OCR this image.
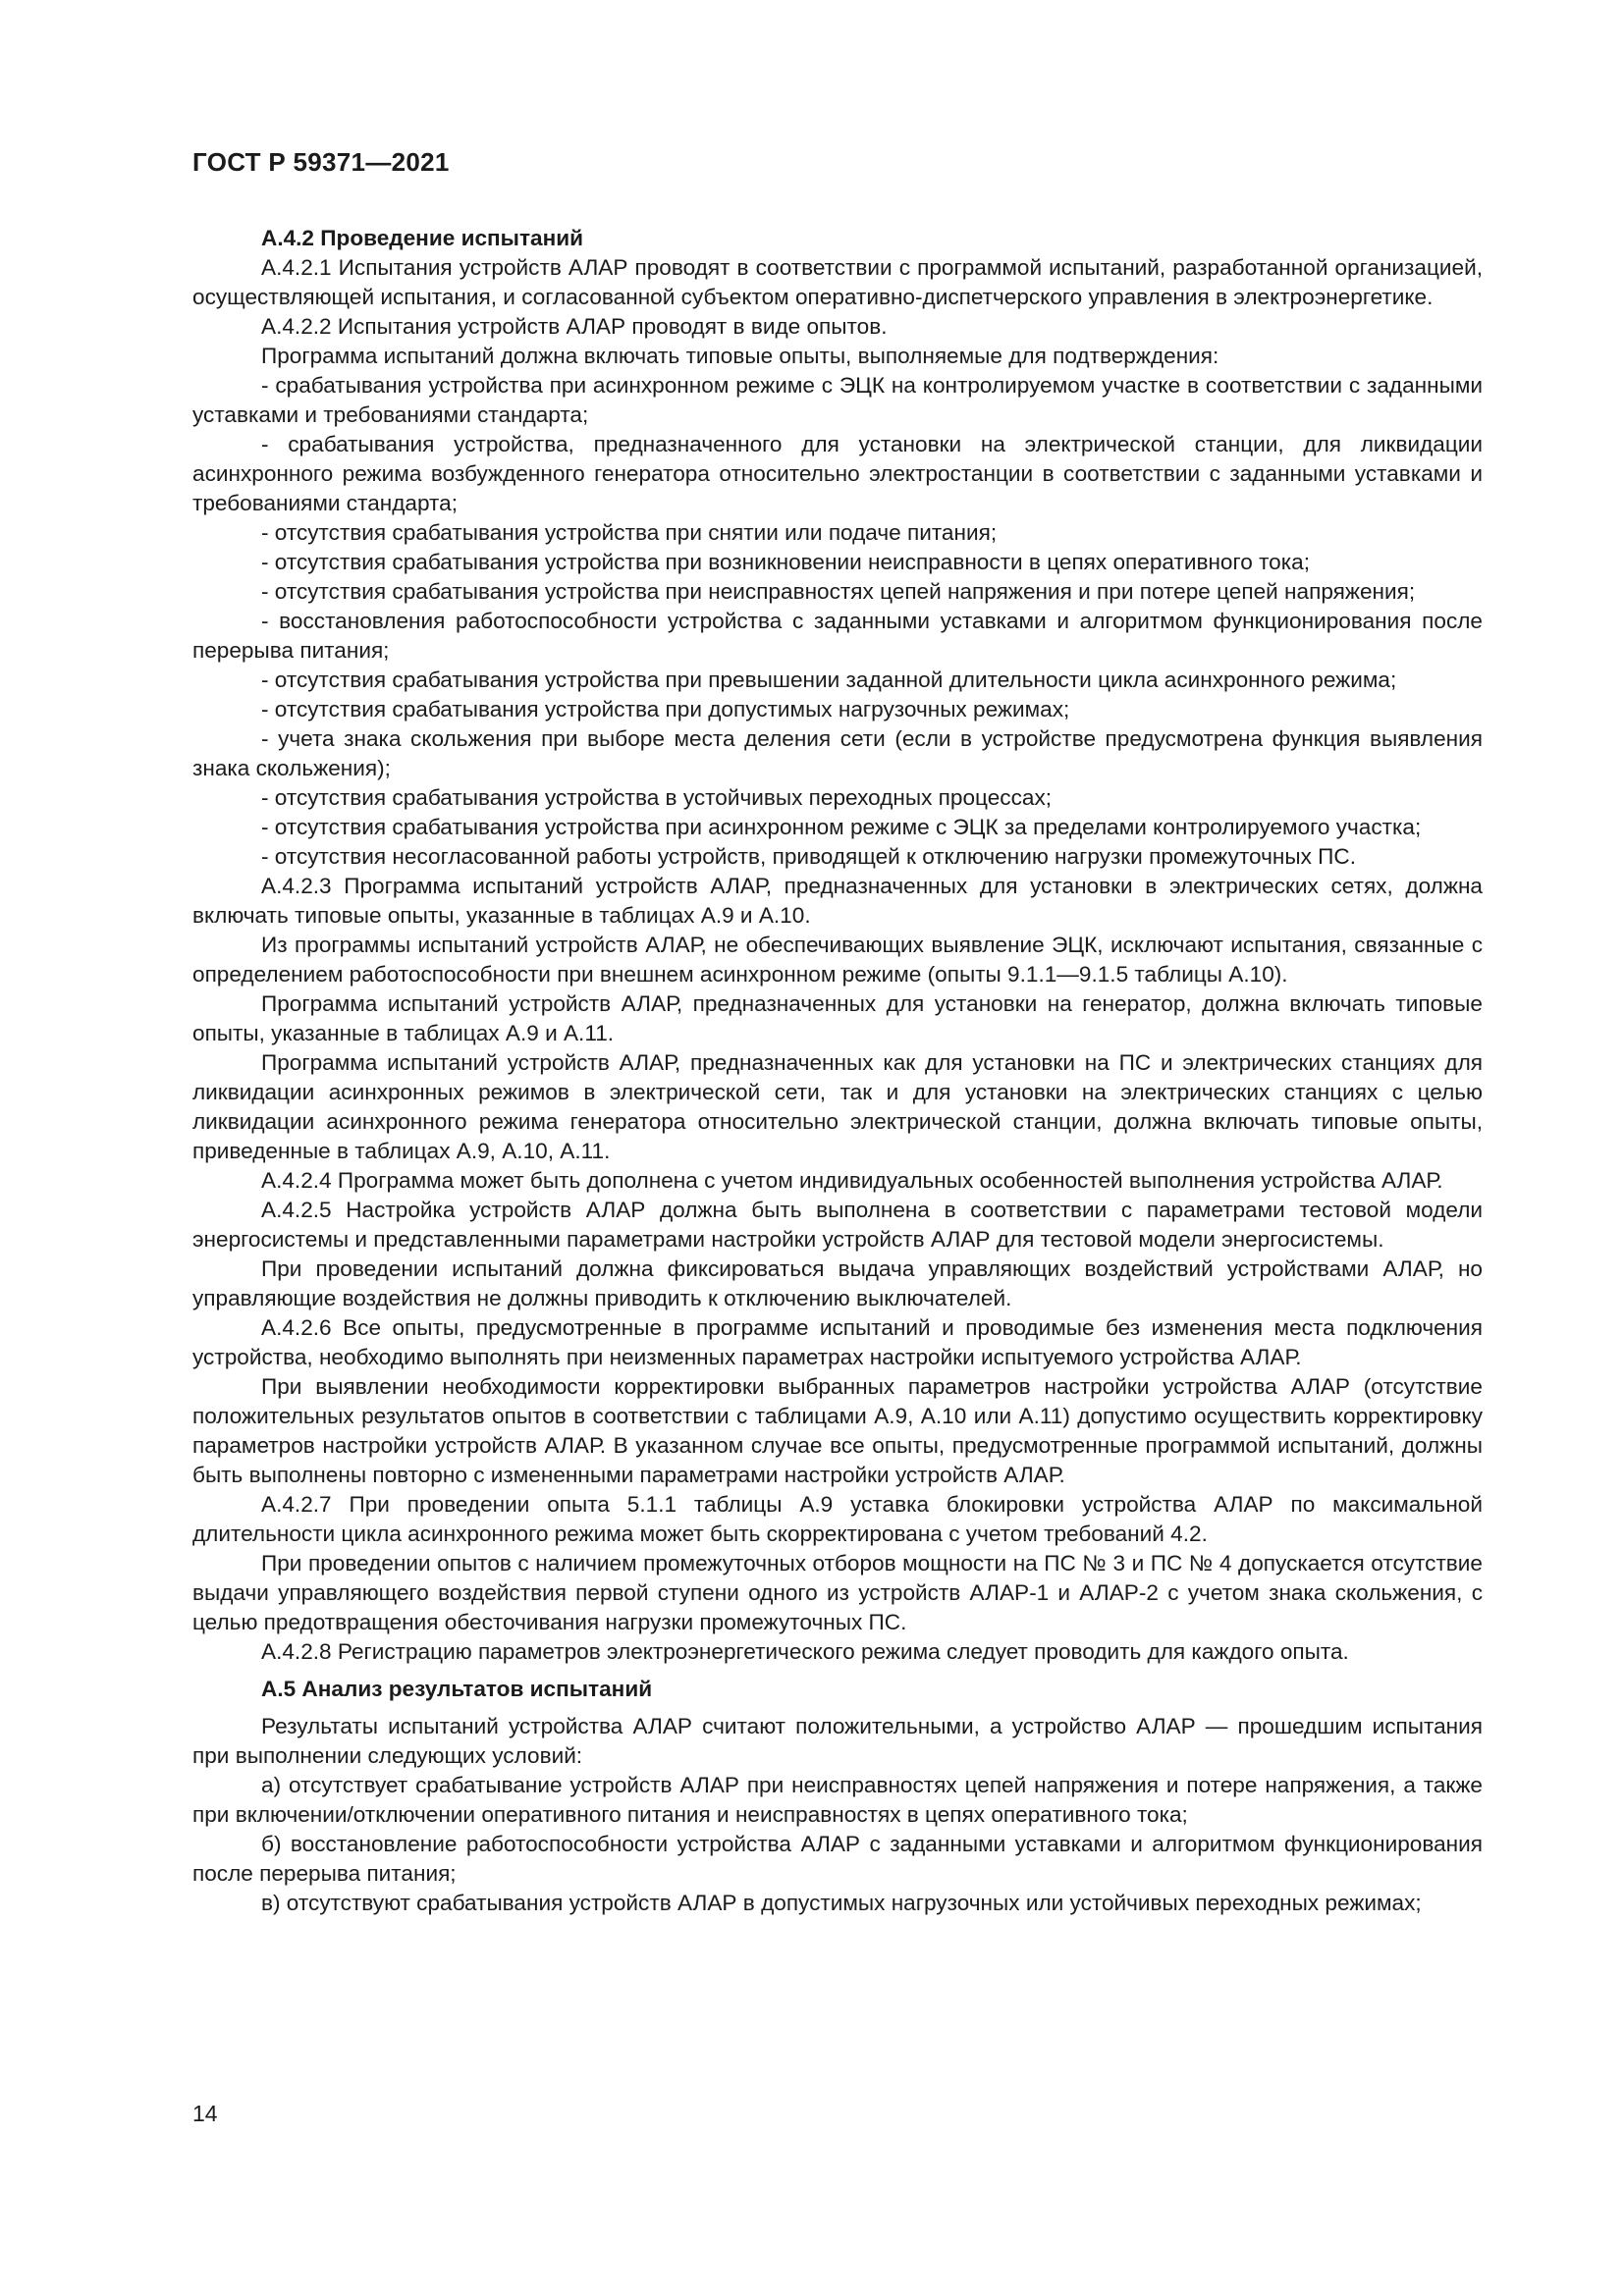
ГОСТ Р 59371—2021

А.4.2 Проведение испытаний

А.4.2.1 Испытания устройств АЛАР проводят в соответствии с программой испытаний, разработанной организацией, осуществляющей испытания, и согласованной субъектом оперативно-диспетчерского управления в электроэнергетике.

А.4.2.2 Испытания устройств АЛАР проводят в виде опытов.

Программа испытаний должна включать типовые опыты, выполняемые для подтверждения:

- срабатывания устройства при асинхронном режиме с ЭЦК на контролируемом участке в соответствии с заданными уставками и требованиями стандарта;

- срабатывания устройства, предназначенного для установки на электрической станции, для ликвидации асинхронного режима возбужденного генератора относительно электростанции в соответствии с заданными уставками и требованиями стандарта;

- отсутствия срабатывания устройства при снятии или подаче питания;

- отсутствия срабатывания устройства при возникновении неисправности в цепях оперативного тока;

- отсутствия срабатывания устройства при неисправностях цепей напряжения и при потере цепей напряжения;

- восстановления работоспособности устройства с заданными уставками и алгоритмом функционирования после перерыва питания;

- отсутствия срабатывания устройства при превышении заданной длительности цикла асинхронного режима;

- отсутствия срабатывания устройства при допустимых нагрузочных режимах;

- учета знака скольжения при выборе места деления сети (если в устройстве предусмотрена функция выявления знака скольжения);

- отсутствия срабатывания устройства в устойчивых переходных процессах;

- отсутствия срабатывания устройства при асинхронном режиме с ЭЦК за пределами контролируемого участка;

- отсутствия несогласованной работы устройств, приводящей к отключению нагрузки промежуточных ПС.

А.4.2.3 Программа испытаний устройств АЛАР, предназначенных для установки в электрических сетях, должна включать типовые опыты, указанные в таблицах А.9 и А.10.

Из программы испытаний устройств АЛАР, не обеспечивающих выявление ЭЦК, исключают испытания, связанные с определением работоспособности при внешнем асинхронном режиме (опыты 9.1.1—9.1.5 таблицы А.10).

Программа испытаний устройств АЛАР, предназначенных для установки на генератор, должна включать типовые опыты, указанные в таблицах А.9 и А.11.

Программа испытаний устройств АЛАР, предназначенных как для установки на ПС и электрических станциях для ликвидации асинхронных режимов в электрической сети, так и для установки на электрических станциях с целью ликвидации асинхронного режима генератора относительно электрической станции, должна включать типовые опыты, приведенные в таблицах А.9, А.10, А.11.

А.4.2.4 Программа может быть дополнена с учетом индивидуальных особенностей выполнения устройства АЛАР.

А.4.2.5 Настройка устройств АЛАР должна быть выполнена в соответствии с параметрами тестовой модели энергосистемы и представленными параметрами настройки устройств АЛАР для тестовой модели энергосистемы.

При проведении испытаний должна фиксироваться выдача управляющих воздействий устройствами АЛАР, но управляющие воздействия не должны приводить к отключению выключателей.

А.4.2.6 Все опыты, предусмотренные в программе испытаний и проводимые без изменения места подключения устройства, необходимо выполнять при неизменных параметрах настройки испытуемого устройства АЛАР.

При выявлении необходимости корректировки выбранных параметров настройки устройства АЛАР (отсутствие положительных результатов опытов в соответствии с таблицами А.9, А.10 или А.11) допустимо осуществить корректировку параметров настройки устройств АЛАР. В указанном случае все опыты, предусмотренные программой испытаний, должны быть выполнены повторно с измененными параметрами настройки устройств АЛАР.

А.4.2.7 При проведении опыта 5.1.1 таблицы А.9 уставка блокировки устройства АЛАР по максимальной длительности цикла асинхронного режима может быть скорректирована с учетом требований 4.2.

При проведении опытов с наличием промежуточных отборов мощности на ПС № 3 и ПС № 4 допускается отсутствие выдачи управляющего воздействия первой ступени одного из устройств АЛАР-1 и АЛАР-2 с учетом знака скольжения, с целью предотвращения обесточивания нагрузки промежуточных ПС.

А.4.2.8 Регистрацию параметров электроэнергетического режима следует проводить для каждого опыта.

А.5 Анализ результатов испытаний

Результаты испытаний устройства АЛАР считают положительными, а устройство АЛАР — прошедшим испытания при выполнении следующих условий:

а) отсутствует срабатывание устройств АЛАР при неисправностях цепей напряжения и потере напряжения, а также при включении/отключении оперативного питания и неисправностях в цепях оперативного тока;

б) восстановление работоспособности устройства АЛАР с заданными уставками и алгоритмом функционирования после перерыва питания;

в) отсутствуют срабатывания устройств АЛАР в допустимых нагрузочных или устойчивых переходных режимах;

14
